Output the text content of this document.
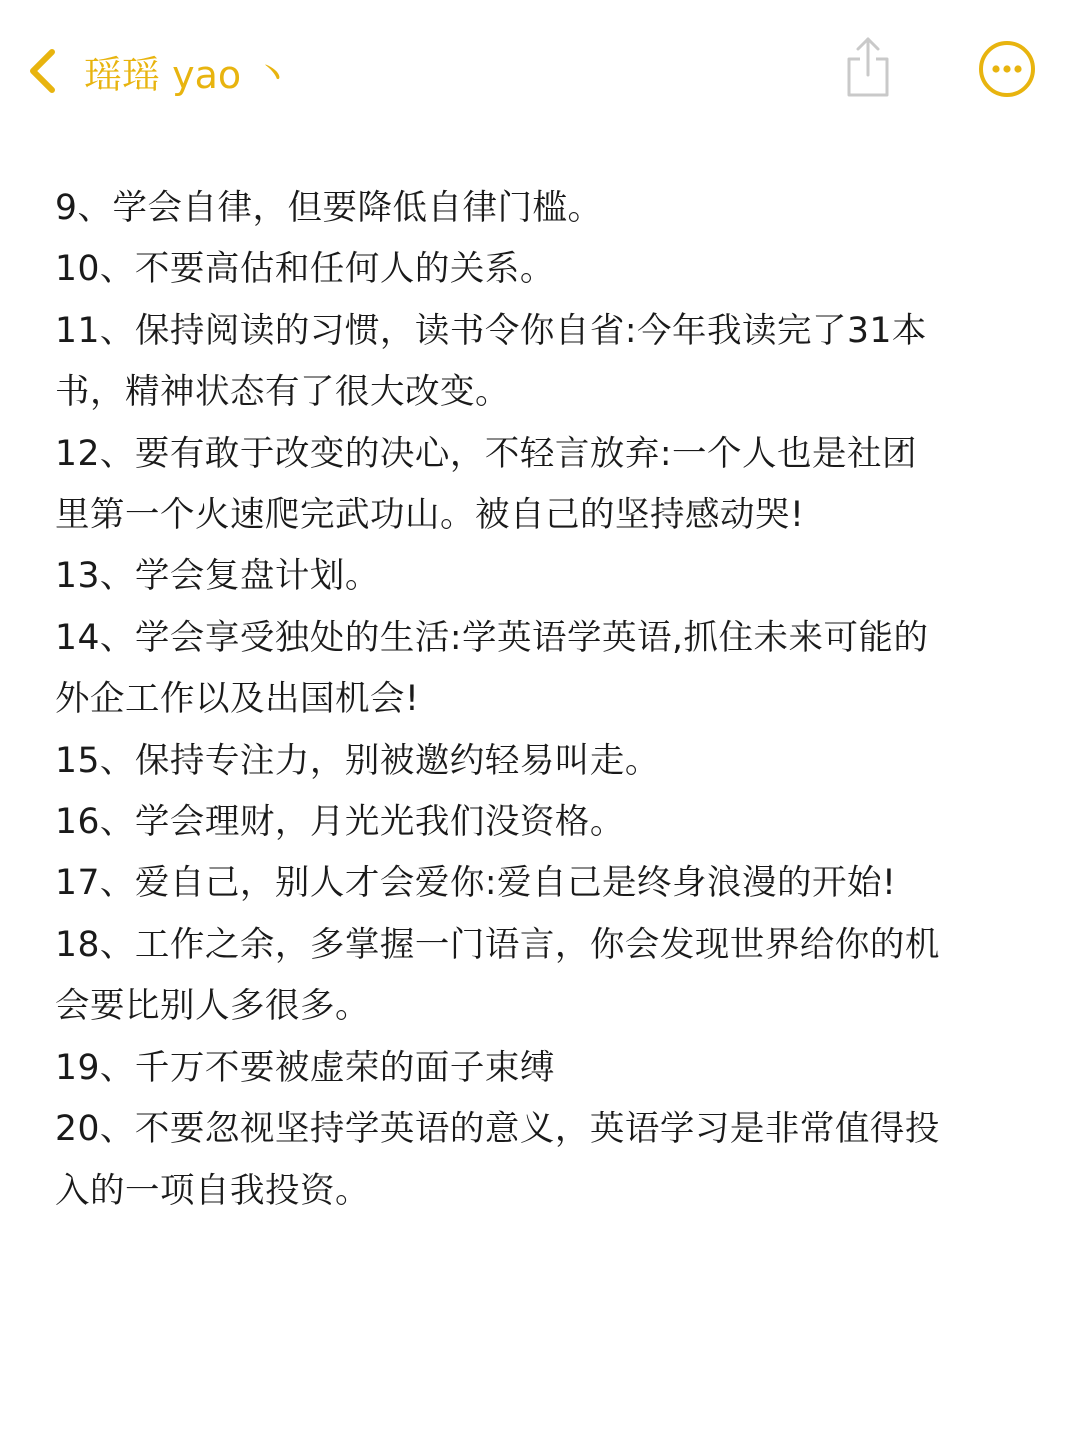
瑶瑶 yao 丶

9、学会自律，但要降低自律门槛。

10、不要高估和任何人的关系。

11、保持阅读的习惯，读书令你自省:今年我读完了31本

书，精神状态有了很大改变。

12、要有敢于改变的决心，不轻言放弃:一个人也是社团

里第一个火速爬完武功山。被自己的坚持感动哭!

13、学会复盘计划。

14、学会享受独处的生活:学英语学英语,抓住未来可能的

外企工作以及出国机会!

15、保持专注力，别被邀约轻易叫走。

16、学会理财，月光光我们没资格。

17、爱自己，别人才会爱你:爱自己是终身浪漫的开始!

18、工作之余，多掌握一门语言，你会发现世界给你的机

会要比别人多很多。

19、千万不要被虚荣的面子束缚

20、不要忽视坚持学英语的意义，英语学习是非常值得投

入的一项自我投资。
